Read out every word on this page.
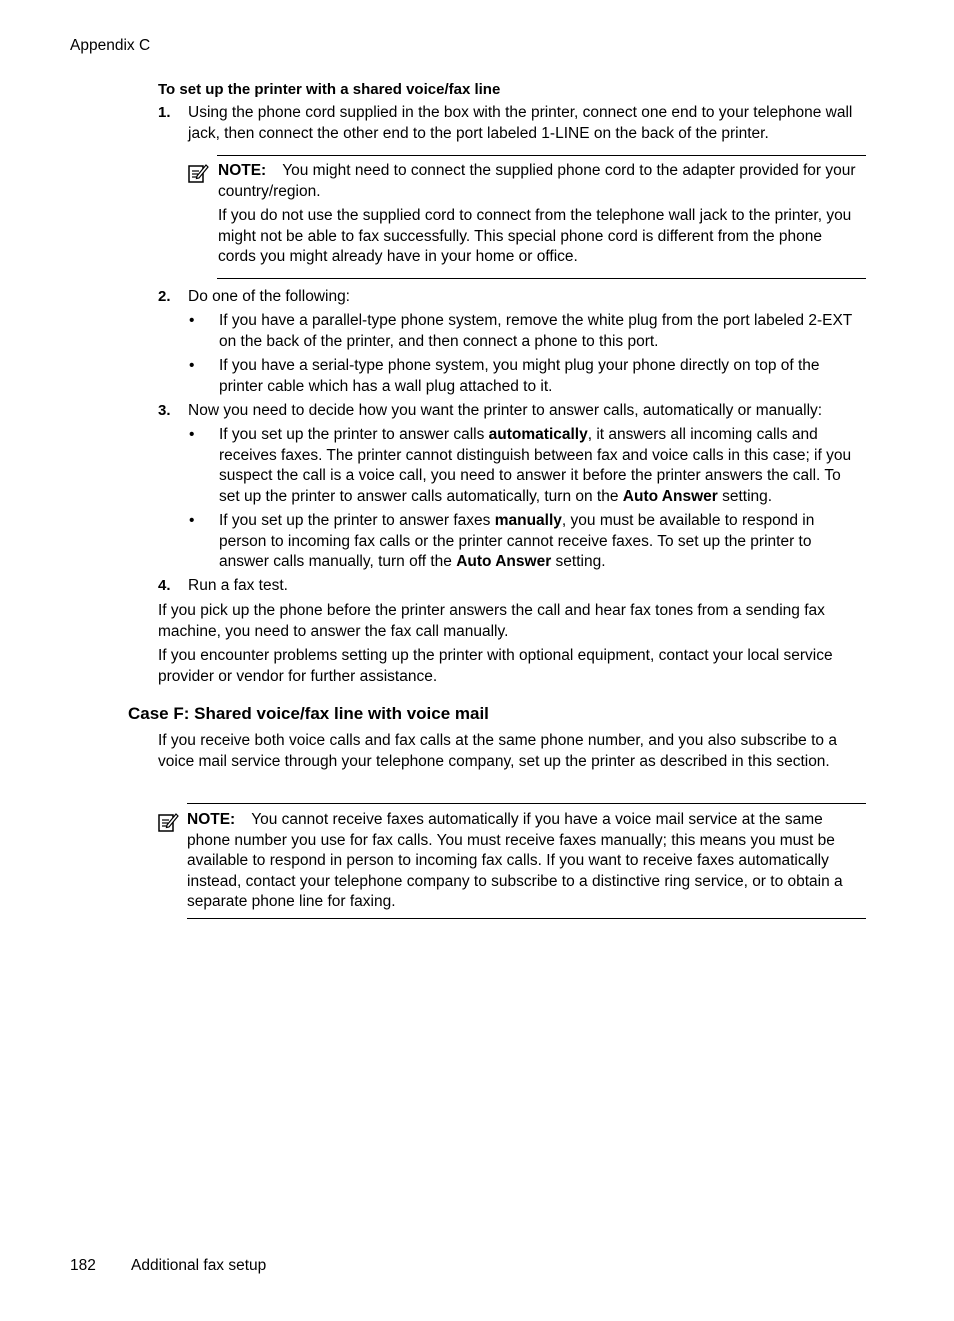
Appendix C
To set up the printer with a shared voice/fax line
1. Using the phone cord supplied in the box with the printer, connect one end to your telephone wall jack, then connect the other end to the port labeled 1-LINE on the back of the printer.
NOTE: You might need to connect the supplied phone cord to the adapter provided for your country/region.
If you do not use the supplied cord to connect from the telephone wall jack to the printer, you might not be able to fax successfully. This special phone cord is different from the phone cords you might already have in your home or office.
2. Do one of the following:
•	If you have a parallel-type phone system, remove the white plug from the port labeled 2-EXT on the back of the printer, and then connect a phone to this port.
•	If you have a serial-type phone system, you might plug your phone directly on top of the printer cable which has a wall plug attached to it.
3. Now you need to decide how you want the printer to answer calls, automatically or manually:
•	If you set up the printer to answer calls automatically, it answers all incoming calls and receives faxes. The printer cannot distinguish between fax and voice calls in this case; if you suspect the call is a voice call, you need to answer it before the printer answers the call. To set up the printer to answer calls automatically, turn on the Auto Answer setting.
•	If you set up the printer to answer faxes manually, you must be available to respond in person to incoming fax calls or the printer cannot receive faxes. To set up the printer to answer calls manually, turn off the Auto Answer setting.
4. Run a fax test.
If you pick up the phone before the printer answers the call and hear fax tones from a sending fax machine, you need to answer the fax call manually.
If you encounter problems setting up the printer with optional equipment, contact your local service provider or vendor for further assistance.
Case F: Shared voice/fax line with voice mail
If you receive both voice calls and fax calls at the same phone number, and you also subscribe to a voice mail service through your telephone company, set up the printer as described in this section.
NOTE: You cannot receive faxes automatically if you have a voice mail service at the same phone number you use for fax calls. You must receive faxes manually; this means you must be available to respond in person to incoming fax calls. If you want to receive faxes automatically instead, contact your telephone company to subscribe to a distinctive ring service, or to obtain a separate phone line for faxing.
182 Additional fax setup
